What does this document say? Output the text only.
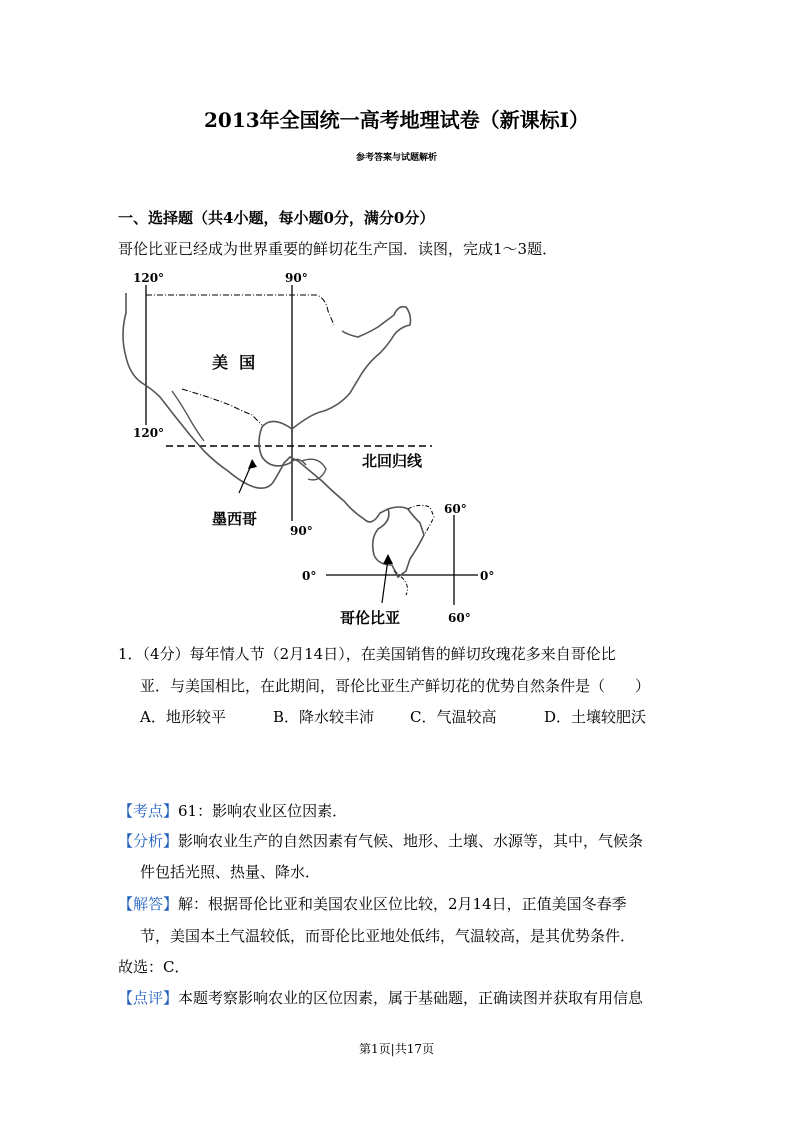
2013年全国统一高考地理试卷（新课标I）
参考答案与试题解析
一、选择题（共4小题，每小题0分，满分0分）
哥伦比亚已经成为世界重要的鲜切花生产国．读图，完成1～3题．
120°	90°
120°
90°
美  国
北回归线
墨西哥
哥伦比亚
0°	0°
60°
60°
1．（4分）每年情人节（2月14日），在美国销售的鲜切玫瑰花多来自哥伦比
亚．与美国相比，在此期间，哥伦比亚生产鲜切花的优势自然条件是（　　）
A．地形较平	B．降水较丰沛 C．气温较高	D．土壤较肥沃
【考点】61：影响农业区位因素．
【分析】影响农业生产的自然因素有气候、地形、土壤、水源等，其中，气候条
件包括光照、热量、降水．
【解答】解：根据哥伦比亚和美国农业区位比较，2月14日，正值美国冬春季
节，美国本土气温较低，而哥伦比亚地处低纬，气温较高，是其优势条件．
故选：C．
【点评】本题考察影响农业的区位因素，属于基础题，正确读图并获取有用信息
第1页|共17页
